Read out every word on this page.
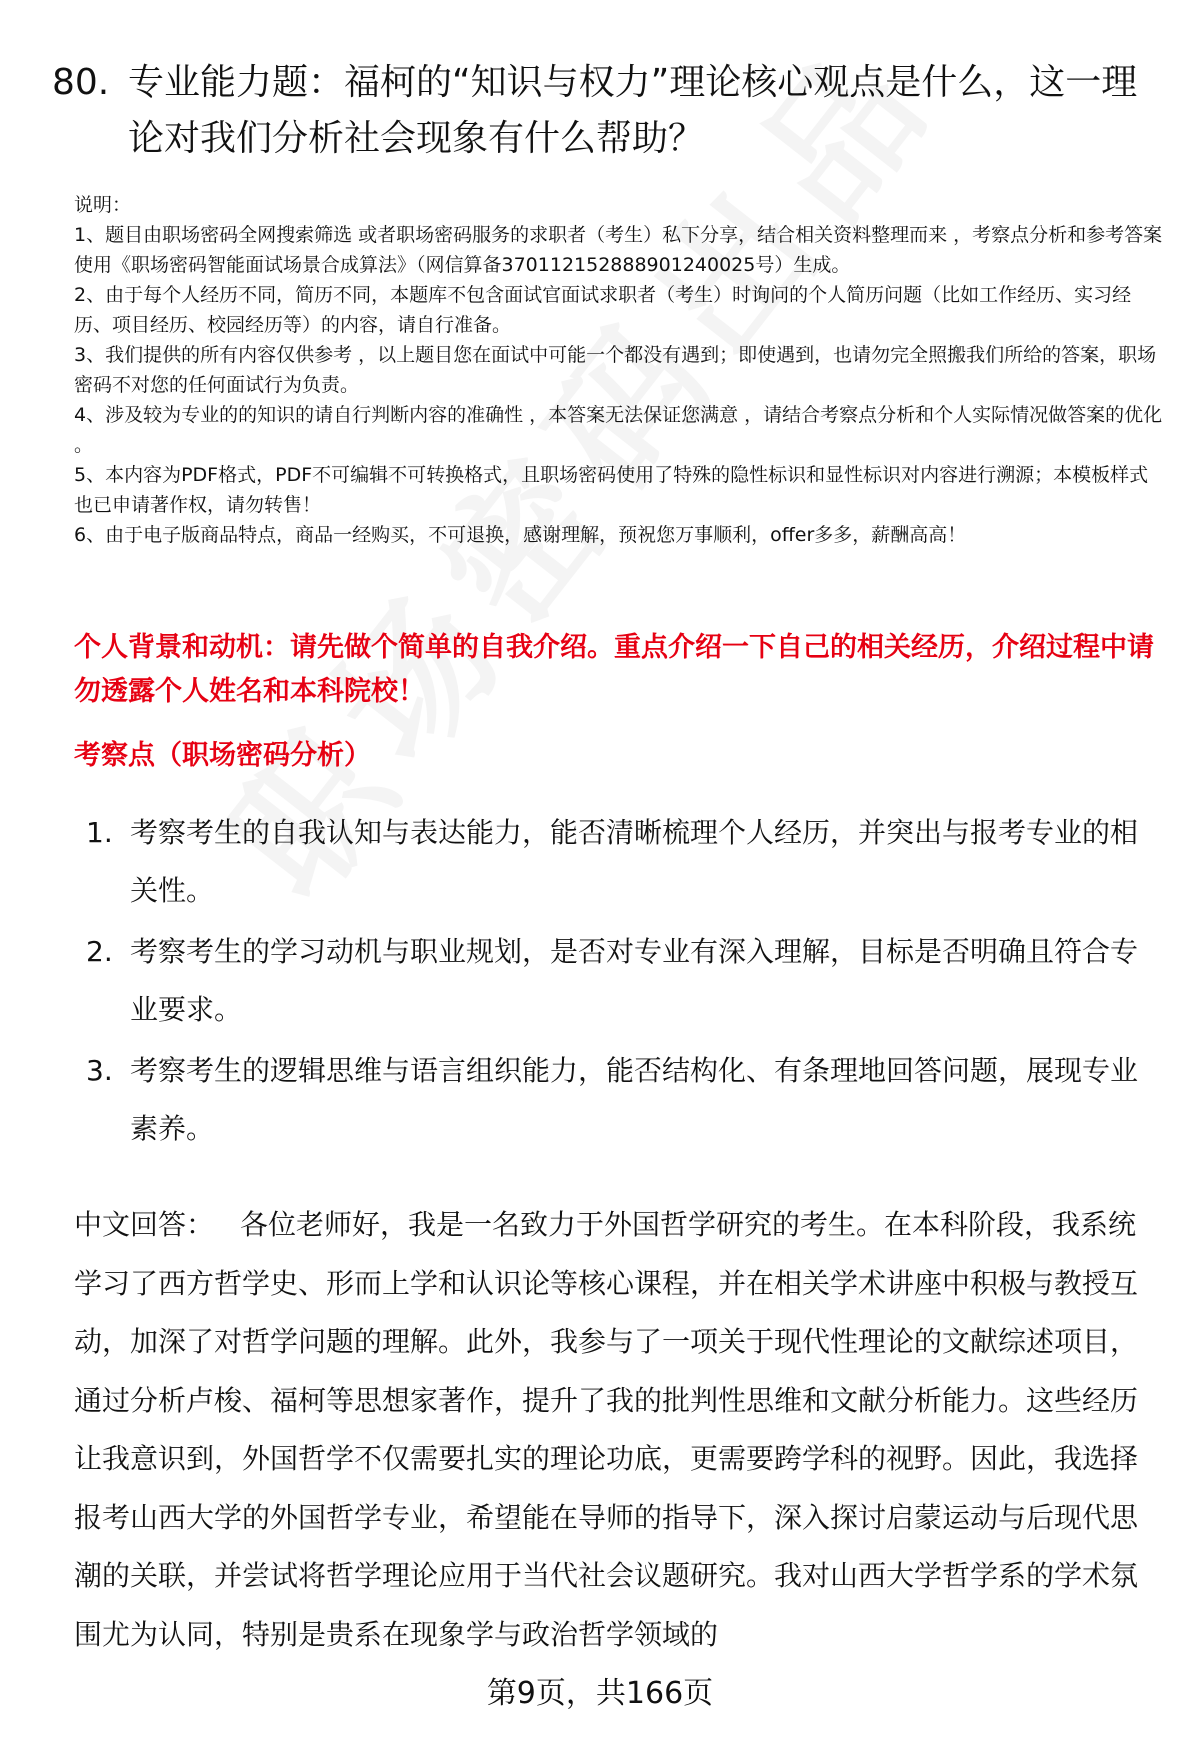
80. 专业能力题：福柯的“知识与权力”理论核心观点是什么，这一理论对我们分析社会现象有什么帮助？

说明：

1、题目由职场密码全网搜索筛选 或者职场密码服务的求职者（考生）私下分享，结合相关资料整理而来 ，考察点分析和参考答案使用《职场密码智能面试场景合成算法》（网信算备370112152888901240025号）生成。

2、由于每个人经历不同，简历不同，本题库不包含面试官面试求职者（考生）时询问的个人简历问题（比如工作经历、实习经历、项目经历、校园经历等）的内容，请自行准备。

3、我们提供的所有内容仅供参考 ，以上题目您在面试中可能一个都没有遇到；即使遇到，也请勿完全照搬我们所给的答案，职场密码不对您的任何面试行为负责。

4、涉及较为专业的的知识的请自行判断内容的准确性 ，本答案无法保证您满意 ，请结合考察点分析和个人实际情况做答案的优化 。

5、本内容为PDF格式，PDF不可编辑不可转换格式，且职场密码使用了特殊的隐性标识和显性标识对内容进行溯源；本模板样式也已申请著作权，请勿转售！

6、由于电子版商品特点，商品一经购买，不可退换，感谢理解，预祝您万事顺利，offer多多，薪酬高高！

个人背景和动机：请先做个简单的自我介绍。重点介绍一下自己的相关经历，介绍过程中请勿透露个人姓名和本科院校！

考察点（职场密码分析）
1. 考察考生的自我认知与表达能力，能否清晰梳理个人经历，并突出与报考专业的相关性。
2. 考察考生的学习动机与职业规划，是否对专业有深入理解，目标是否明确且符合专业要求。
3. 考察考生的逻辑思维与语言组织能力，能否结构化、有条理地回答问题，展现专业素养。

中文回答： 各位老师好，我是一名致力于外国哲学研究的考生。在本科阶段，我系统学习了西方哲学史、形而上学和认识论等核心课程，并在相关学术讲座中积极与教授互动，加深了对哲学问题的理解。此外，我参与了一项关于现代性理论的文献综述项目，通过分析卢梭、福柯等思想家著作，提升了我的批判性思维和文献分析能力。这些经历让我意识到，外国哲学不仅需要扎实的理论功底，更需要跨学科的视野。因此，我选择报考山西大学的外国哲学专业，希望能在导师的指导下，深入探讨启蒙运动与后现代思潮的关联，并尝试将哲学理论应用于当代社会议题研究。我对山西大学哲学系的学术氛围尤为认同，特别是贵系在现象学与政治哲学领域的

第9页，共166页
